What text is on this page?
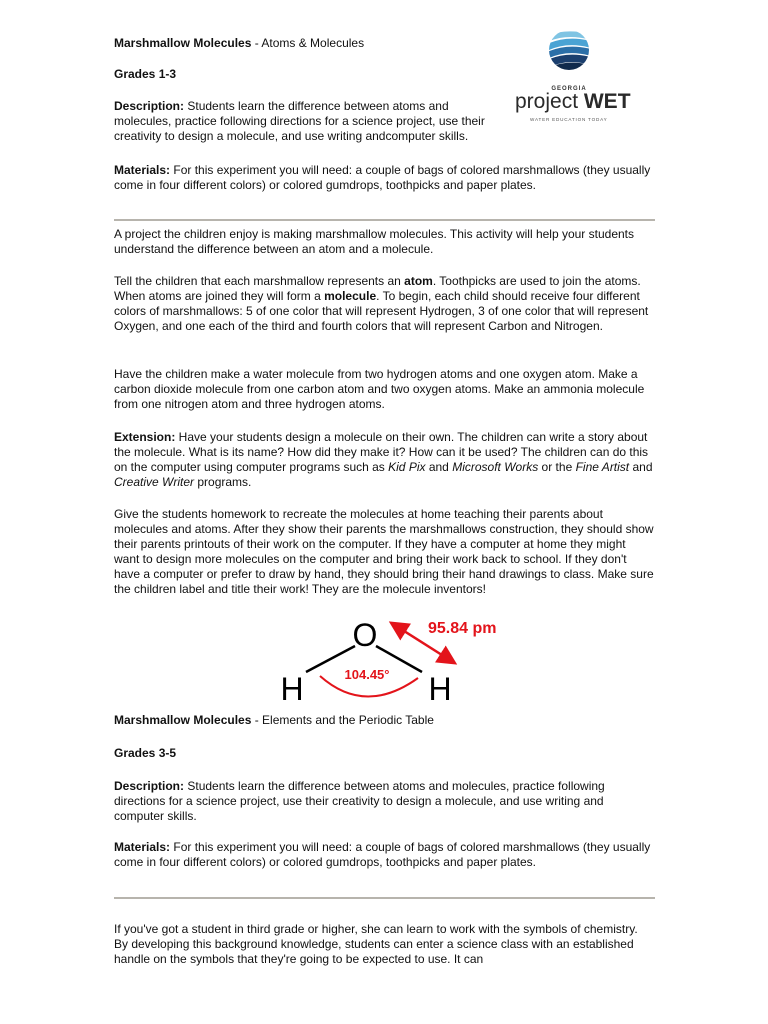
Marshmallow Molecules - Atoms & Molecules

Grades 1-3

Description: Students learn the difference between atoms and molecules, practice following directions for a science project, use their creativity to design a molecule, and use writing andcomputer skills.

GEORGIA
project WET
WATER EDUCATION TODAY

Materials: For this experiment you will need: a couple of bags of colored marshmallows (they usually come in four different colors) or colored gumdrops, toothpicks and paper plates.

A project the children enjoy is making marshmallow molecules. This activity will help your students understand the difference between an atom and a molecule.

Tell the children that each marshmallow represents an atom. Toothpicks are used to join the atoms. When atoms are joined they will form a molecule. To begin, each child should receive four different colors of marshmallows: 5 of one color that will represent Hydrogen, 3 of one color that will represent Oxygen, and one each of the third and fourth colors that will represent Carbon and Nitrogen.

Have the children make a water molecule from two hydrogen atoms and one oxygen atom. Make a carbon dioxide molecule from one carbon atom and two oxygen atoms. Make an ammonia molecule from one nitrogen atom and three hydrogen atoms.

Extension: Have your students design a molecule on their own. The children can write a story about the molecule. What is its name? How did they make it? How can it be used? The children can do this on the computer using computer programs such as Kid Pix and Microsoft Works or the Fine Artist and Creative Writer programs.

Give the students homework to recreate the molecules at home teaching their parents about molecules and atoms. After they show their parents the marshmallows construction, they should show their parents printouts of their work on the computer. If they have a computer at home they might want to design more molecules on the computer and bring their work back to school. If they don't have a computer or prefer to draw by hand, they should bring their hand drawings to class. Make sure the children label and title their work! They are the molecule inventors!

O
H	H
104.45°
95.84 pm

Marshmallow Molecules - Elements and the Periodic Table

Grades 3-5

Description: Students learn the difference between atoms and molecules, practice following directions for a science project, use their creativity to design a molecule, and use writing and computer skills.

Materials: For this experiment you will need: a couple of bags of colored marshmallows (they usually come in four different colors) or colored gumdrops, toothpicks and paper plates.

If you've got a student in third grade or higher, she can learn to work with the symbols of chemistry. By developing this background knowledge, students can enter a science class with an established handle on the symbols that they're going to be expected to use. It can
